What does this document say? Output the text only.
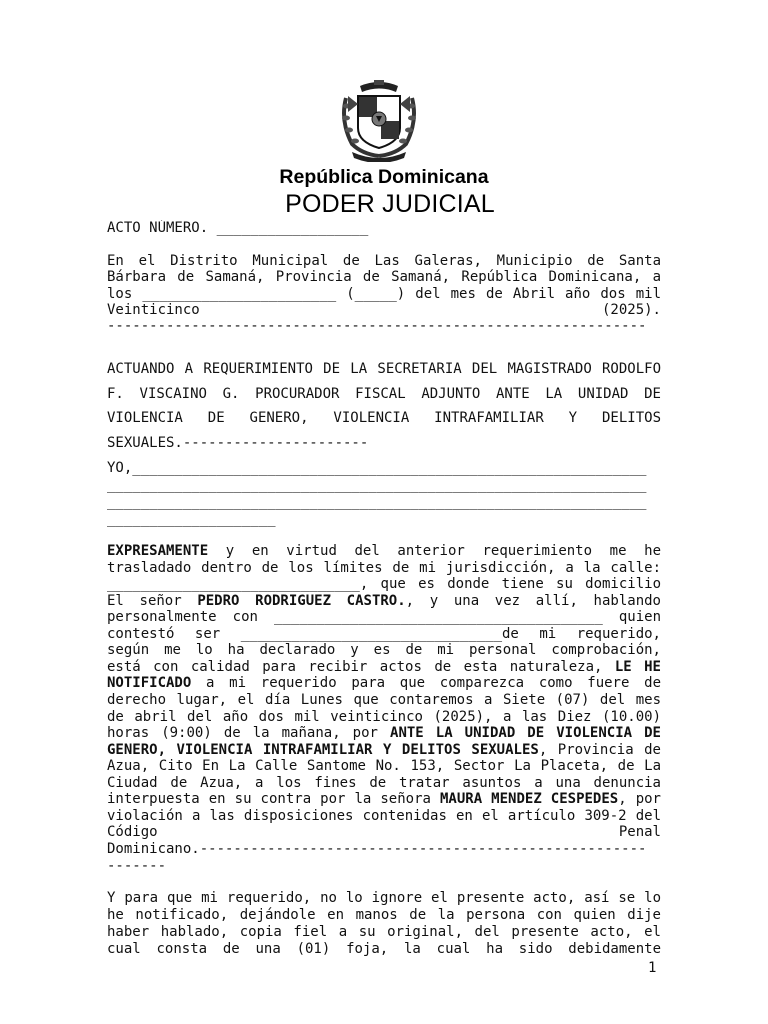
República Dominicana
PODER JUDICIAL
ACTO NÚMERO. __________________
En el Distrito Municipal de Las Galeras, Municipio de Santa
Bárbara de Samaná, Provincia de Samaná, República Dominicana, a
los _______________________ (_____) del mes de Abril año dos mil
Veinticinco (2025).
----------------------------------------------------------------
ACTUANDO A REQUERIMIENTO DE LA SECRETARIA DEL MAGISTRADO RODOLFO
F. VISCAINO G. PROCURADOR FISCAL ADJUNTO ANTE LA UNIDAD DE
VIOLENCIA DE GENERO, VIOLENCIA INTRAFAMILIAR Y DELITOS
SEXUALES.----------------------
YO,_____________________________________________________________
________________________________________________________________
________________________________________________________________
____________________
EXPRESAMENTE y en virtud del anterior requerimiento me he
trasladado dentro de los límites de mi jurisdicción, a la calle:
______________________________, que es donde tiene su domicilio
El señor PEDRO RODRIGUEZ CASTRO., y una vez allí, hablando
personalmente con _______________________________________ quien
contestó ser _______________________________de mi requerido,
según me lo ha declarado y es de mi personal comprobación,
está con calidad para recibir actos de esta naturaleza, LE HE
NOTIFICADO a mi requerido para que comparezca como fuere de
derecho lugar, el día Lunes que contaremos a Siete (07) del mes
de abril del año dos mil veinticinco (2025), a las Diez (10.00)
horas (9:00) de la mañana, por ANTE LA UNIDAD DE VIOLENCIA DE
GENERO, VIOLENCIA INTRAFAMILIAR Y DELITOS SEXUALES, Provincia de
Azua, Cito En La Calle Santome No. 153, Sector La Placeta, de La
Ciudad de Azua, a los fines de tratar asuntos a una denuncia
interpuesta en su contra por la señora MAURA MENDEZ CESPEDES, por
violación a las disposiciones contenidas en el artículo 309-2 del
Código Penal
Dominicano.-----------------------------------------------------
-------
Y para que mi requerido, no lo ignore el presente acto, así se lo
he notificado, dejándole en manos de la persona con quien dije
haber hablado, copia fiel a su original, del presente acto, el
cual consta de una (01) foja, la cual ha sido debidamente
1
